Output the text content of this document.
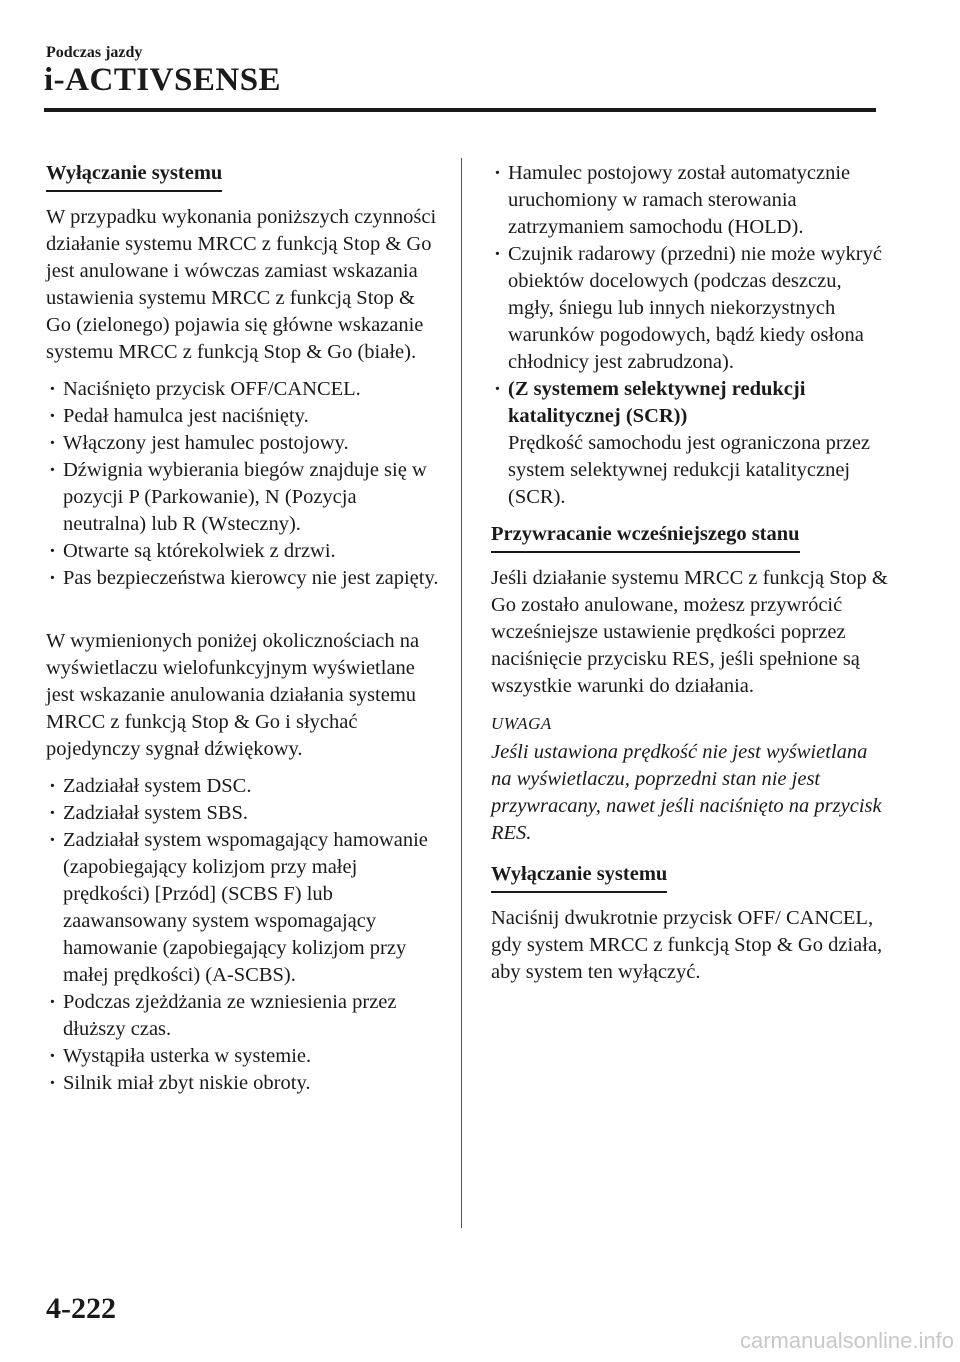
Podczas jazdy
i-ACTIVSENSE
Wyłączanie systemu

W przypadku wykonania poniższych czynności działanie systemu MRCC z funkcją Stop & Go jest anulowane i wówczas zamiast wskazania ustawienia systemu MRCC z funkcją Stop & Go (zielonego) pojawia się główne wskazanie systemu MRCC z funkcją Stop & Go (białe).

· Naciśnięto przycisk OFF/CANCEL.
· Pedał hamulca jest naciśnięty.
· Włączony jest hamulec postojowy.
· Dźwignia wybierania biegów znajduje się w pozycji P (Parkowanie), N (Pozycja neutralna) lub R (Wsteczny).
· Otwarte są którekolwiek z drzwi.
· Pas bezpieczeństwa kierowcy nie jest zapięty.

W wymienionych poniżej okolicznościach na wyświetlaczu wielofunkcyjnym wyświetlane jest wskazanie anulowania działania systemu MRCC z funkcją Stop & Go i słychać pojedynczy sygnał dźwiękowy.

· Zadziałał system DSC.
· Zadziałał system SBS.
· Zadziałał system wspomagający hamowanie (zapobiegający kolizjom przy małej prędkości) [Przód] (SCBS F) lub zaawansowany system wspomagający hamowanie (zapobiegający kolizjom przy małej prędkości) (A-SCBS).
· Podczas zjeżdżania ze wzniesienia przez dłuższy czas.
· Wystąpiła usterka w systemie.
· Silnik miał zbyt niskie obroty.
· Hamulec postojowy został automatycznie uruchomiony w ramach sterowania zatrzymaniem samochodu (HOLD).
· Czujnik radarowy (przedni) nie może wykryć obiektów docelowych (podczas deszczu, mgły, śniegu lub innych niekorzystnych warunków pogodowych, bądź kiedy osłona chłodnicy jest zabrudzona).
· (Z systemem selektywnej redukcji katalitycznej (SCR))
Prędkość samochodu jest ograniczona przez system selektywnej redukcji katalitycznej (SCR).
Przywracanie wcześniejszego stanu

Jeśli działanie systemu MRCC z funkcją Stop & Go zostało anulowane, możesz przywrócić wcześniejsze ustawienie prędkości poprzez naciśnięcie przycisku RES, jeśli spełnione są wszystkie warunki do działania.

UWAGA
Jeśli ustawiona prędkość nie jest wyświetlana na wyświetlaczu, poprzedni stan nie jest przywracany, nawet jeśli naciśnięto na przycisk RES.
Wyłączanie systemu

Naciśnij dwukrotnie przycisk OFF/ CANCEL, gdy system MRCC z funkcją Stop & Go działa, aby system ten wyłączyć.

4-222
carmanualsonline.info
